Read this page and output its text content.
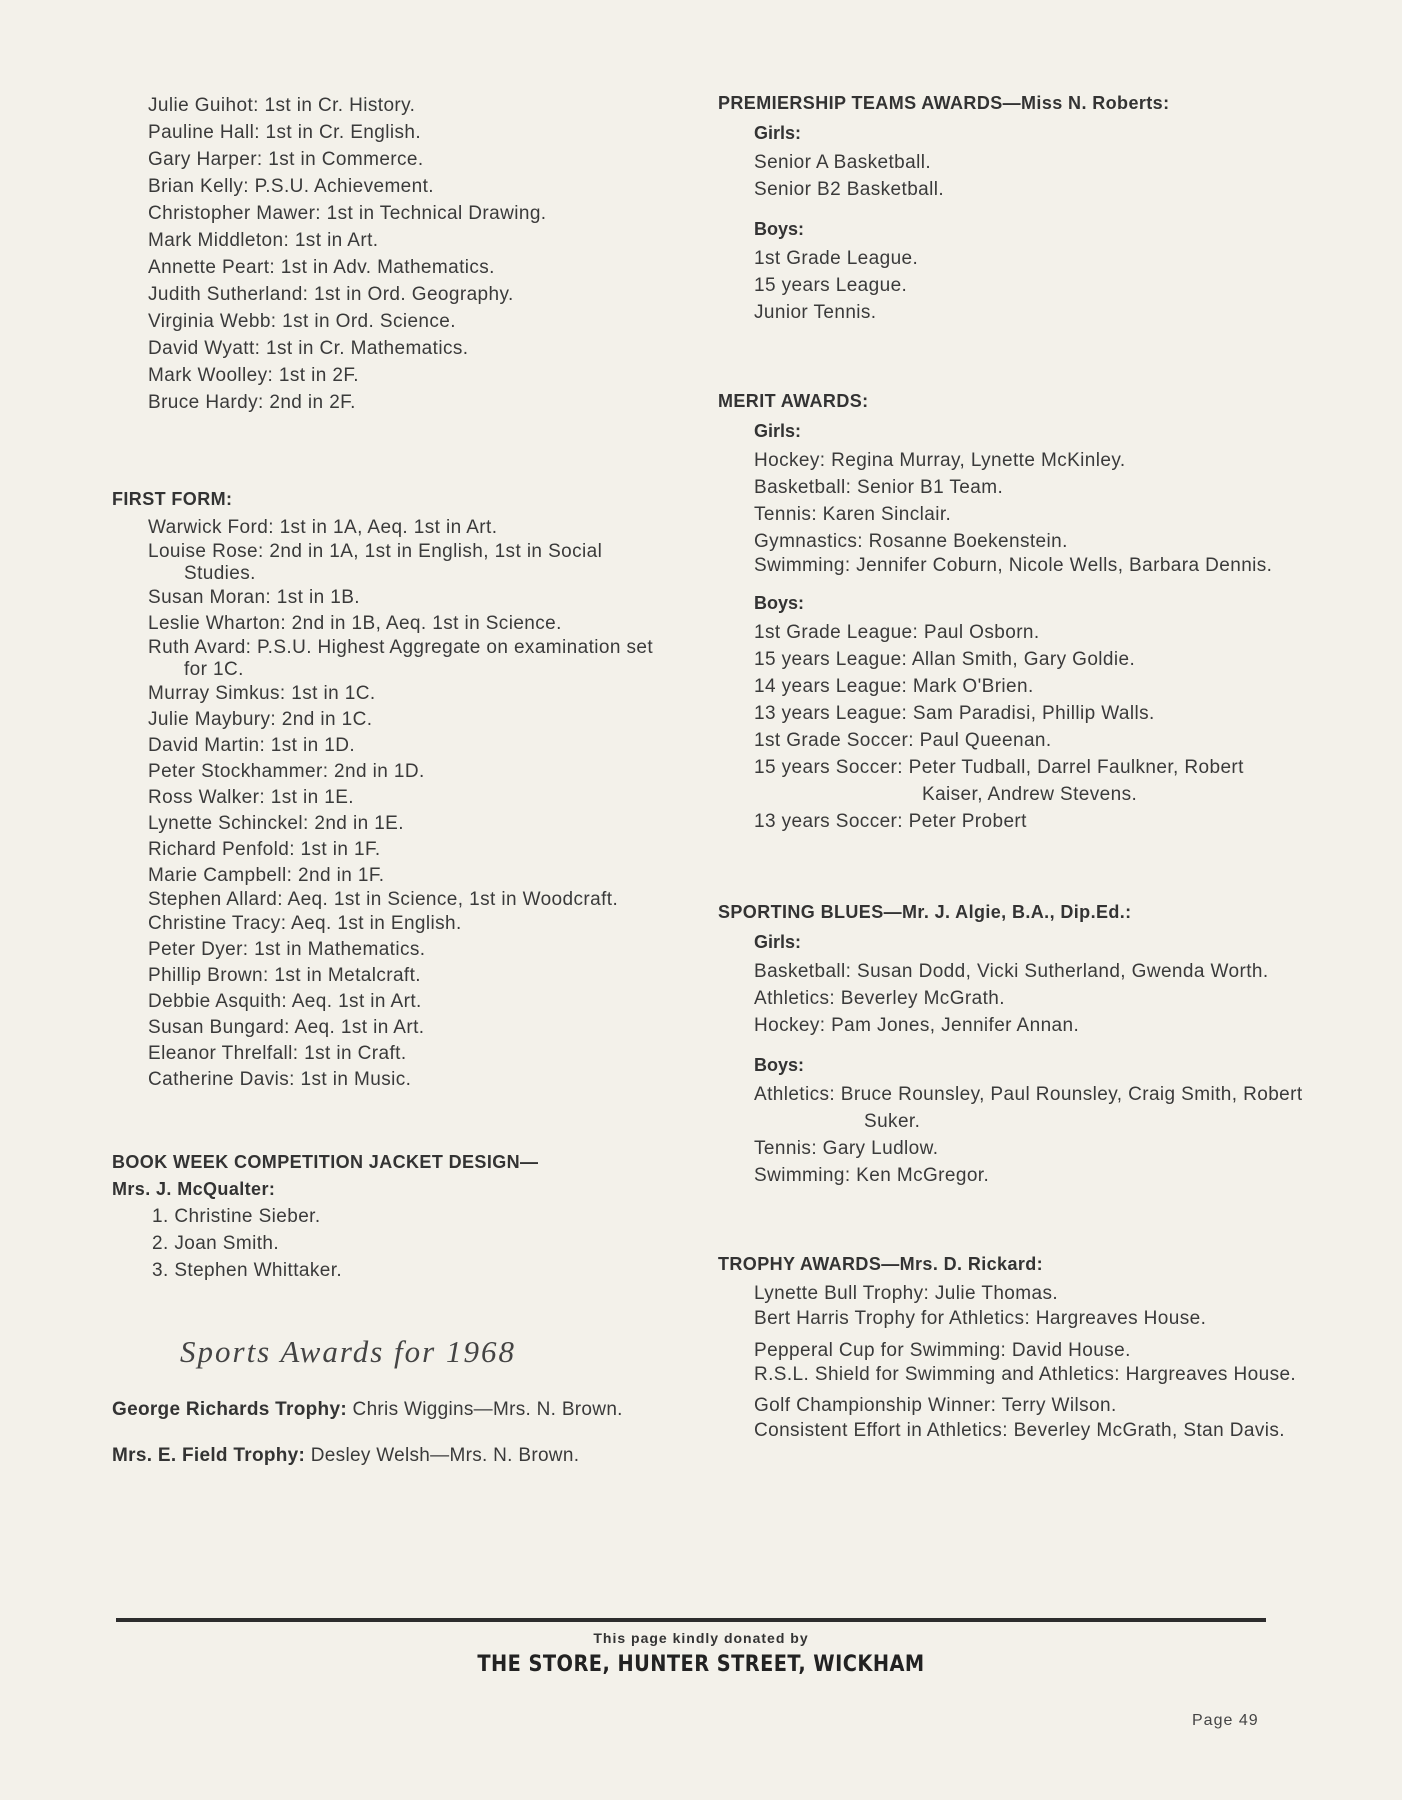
Julie Guihot: 1st in Cr. History.
Pauline Hall: 1st in Cr. English.
Gary Harper: 1st in Commerce.
Brian Kelly: P.S.U. Achievement.
Christopher Mawer: 1st in Technical Drawing.
Mark Middleton: 1st in Art.
Annette Peart: 1st in Adv. Mathematics.
Judith Sutherland: 1st in Ord. Geography.
Virginia Webb: 1st in Ord. Science.
David Wyatt: 1st in Cr. Mathematics.
Mark Woolley: 1st in 2F.
Bruce Hardy: 2nd in 2F.
FIRST FORM:
Warwick Ford: 1st in 1A, Aeq. 1st in Art.
Louise Rose: 2nd in 1A, 1st in English, 1st in Social Studies.
Susan Moran: 1st in 1B.
Leslie Wharton: 2nd in 1B, Aeq. 1st in Science.
Ruth Avard: P.S.U. Highest Aggregate on examination set for 1C.
Murray Simkus: 1st in 1C.
Julie Maybury: 2nd in 1C.
David Martin: 1st in 1D.
Peter Stockhammer: 2nd in 1D.
Ross Walker: 1st in 1E.
Lynette Schinckel: 2nd in 1E.
Richard Penfold: 1st in 1F.
Marie Campbell: 2nd in 1F.
Stephen Allard: Aeq. 1st in Science, 1st in Woodcraft.
Christine Tracy: Aeq. 1st in English.
Peter Dyer: 1st in Mathematics.
Phillip Brown: 1st in Metalcraft.
Debbie Asquith: Aeq. 1st in Art.
Susan Bungard: Aeq. 1st in Art.
Eleanor Threlfall: 1st in Craft.
Catherine Davis: 1st in Music.
BOOK WEEK COMPETITION JACKET DESIGN—
Mrs. J. McQualter:
1. Christine Sieber.
2. Joan Smith.
3. Stephen Whittaker.
Sports Awards for 1968

George Richards Trophy: Chris Wiggins—Mrs. N. Brown.

Mrs. E. Field Trophy: Desley Welsh—Mrs. N. Brown.

PREMIERSHIP TEAMS AWARDS—Miss N. Roberts:
Girls:
Senior A Basketball.
Senior B2 Basketball.
Boys:
1st Grade League.
15 years League.
Junior Tennis.
MERIT AWARDS:
Girls:
Hockey: Regina Murray, Lynette McKinley.
Basketball: Senior B1 Team.
Tennis: Karen Sinclair.
Gymnastics: Rosanne Boekenstein.
Swimming: Jennifer Coburn, Nicole Wells, Barbara Dennis.
Boys:
1st Grade League: Paul Osborn.
15 years League: Allan Smith, Gary Goldie.
14 years League: Mark O'Brien.
13 years League: Sam Paradisi, Phillip Walls.
1st Grade Soccer: Paul Queenan.
15 years Soccer: Peter Tudball, Darrel Faulkner, Robert Kaiser, Andrew Stevens.
13 years Soccer: Peter Probert
SPORTING BLUES—Mr. J. Algie, B.A., Dip.Ed.:
Girls:
Basketball: Susan Dodd, Vicki Sutherland, Gwenda Worth.
Athletics: Beverley McGrath.
Hockey: Pam Jones, Jennifer Annan.
Boys:
Athletics: Bruce Rounsley, Paul Rounsley, Craig Smith, Robert Suker.
Tennis: Gary Ludlow.
Swimming: Ken McGregor.
TROPHY AWARDS—Mrs. D. Rickard:
Lynette Bull Trophy: Julie Thomas.
Bert Harris Trophy for Athletics: Hargreaves House.
Pepperal Cup for Swimming: David House.
R.S.L. Shield for Swimming and Athletics: Hargreaves House.
Golf Championship Winner: Terry Wilson.
Consistent Effort in Athletics: Beverley McGrath, Stan Davis.
This page kindly donated by
THE STORE, HUNTER STREET, WICKHAM
Page 49
